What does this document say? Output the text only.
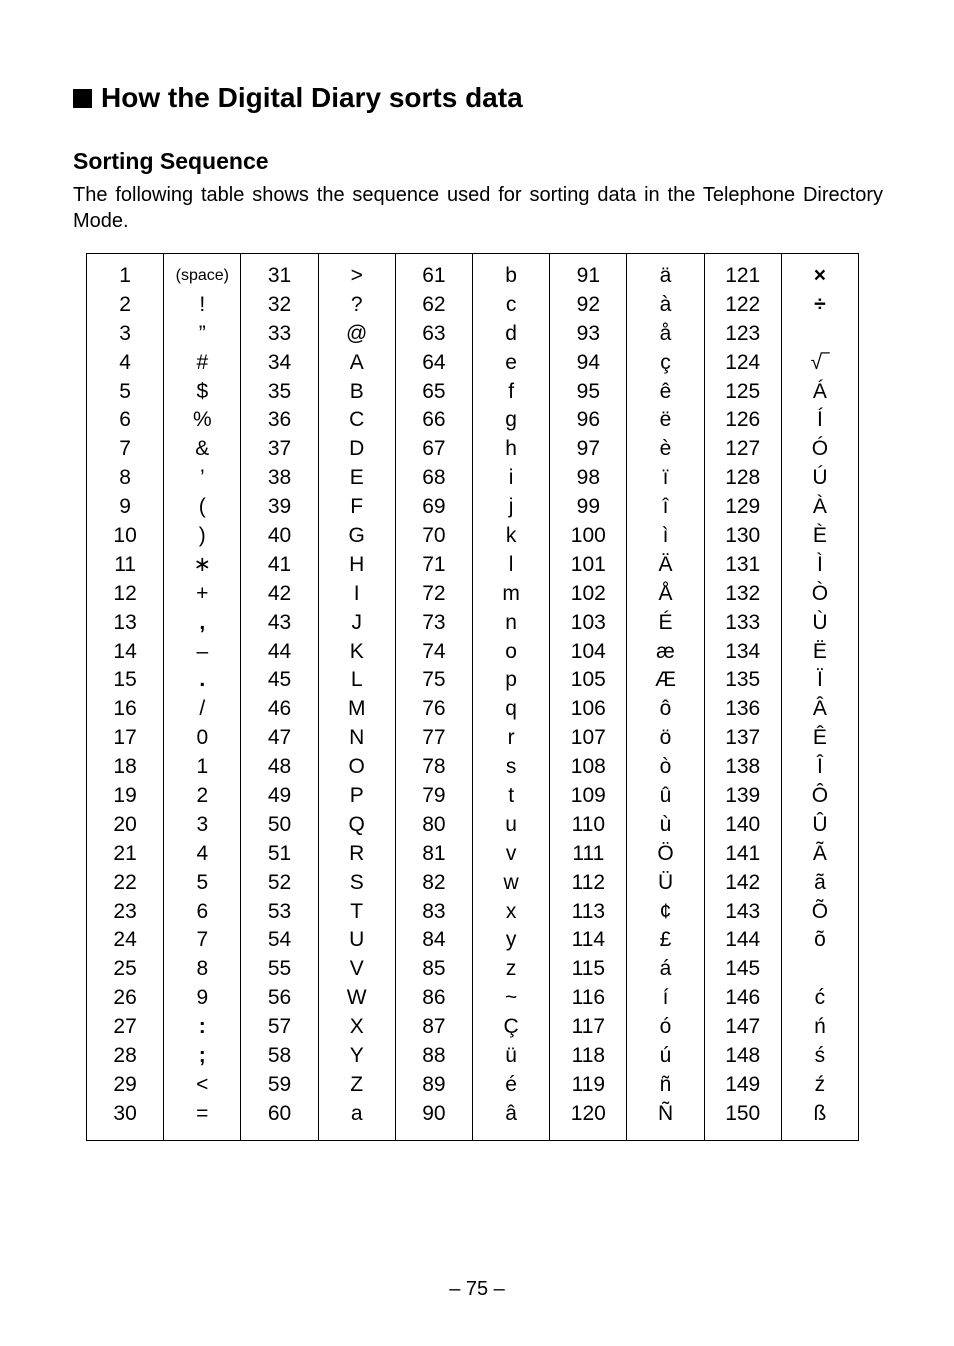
How the Digital Diary sorts data
Sorting Sequence

The following table shows the sequence used for sorting data in the Telephone Directory Mode.

1
2
3
4
5
6
7
8
9
10
11
12
13
14
15
16
17
18
19
20
21
22
23
24
25
26
27
28
29
30
(space)
!
”
#
$
%
&
’
(
)
∗
+
,
–
.
/
0
1
2
3
4
5
6
7
8
9
:
;
<
=
31
32
33
34
35
36
37
38
39
40
41
42
43
44
45
46
47
48
49
50
51
52
53
54
55
56
57
58
59
60
>
?
@
A
B
C
D
E
F
G
H
I
J
K
L
M
N
O
P
Q
R
S
T
U
V
W
X
Y
Z
a
61
62
63
64
65
66
67
68
69
70
71
72
73
74
75
76
77
78
79
80
81
82
83
84
85
86
87
88
89
90
b
c
d
e
f
g
h
i
j
k
l
m
n
o
p
q
r
s
t
u
v
w
x
y
z
~
Ç
ü
é
â
91
92
93
94
95
96
97
98
99
100
101
102
103
104
105
106
107
108
109
110
111
112
113
114
115
116
117
118
119
120
ä
à
å
ç
ê
ë
è
ï
î
ì
Ä
Å
É
æ
Æ
ô
ö
ò
û
ù
Ö
Ü
¢
£
á
í
ó
ú
ñ
Ñ
121
122
123
124
125
126
127
128
129
130
131
132
133
134
135
136
137
138
139
140
141
142
143
144
145
146
147
148
149
150
×
÷
√‾
Á
Í
Ó
Ú
À
È
Ì
Ò
Ù
Ë
Ï
Â
Ê
Î
Ô
Û
Ã
ã
Õ
õ
ć
ń
ś
ź
ß
– 75 –
